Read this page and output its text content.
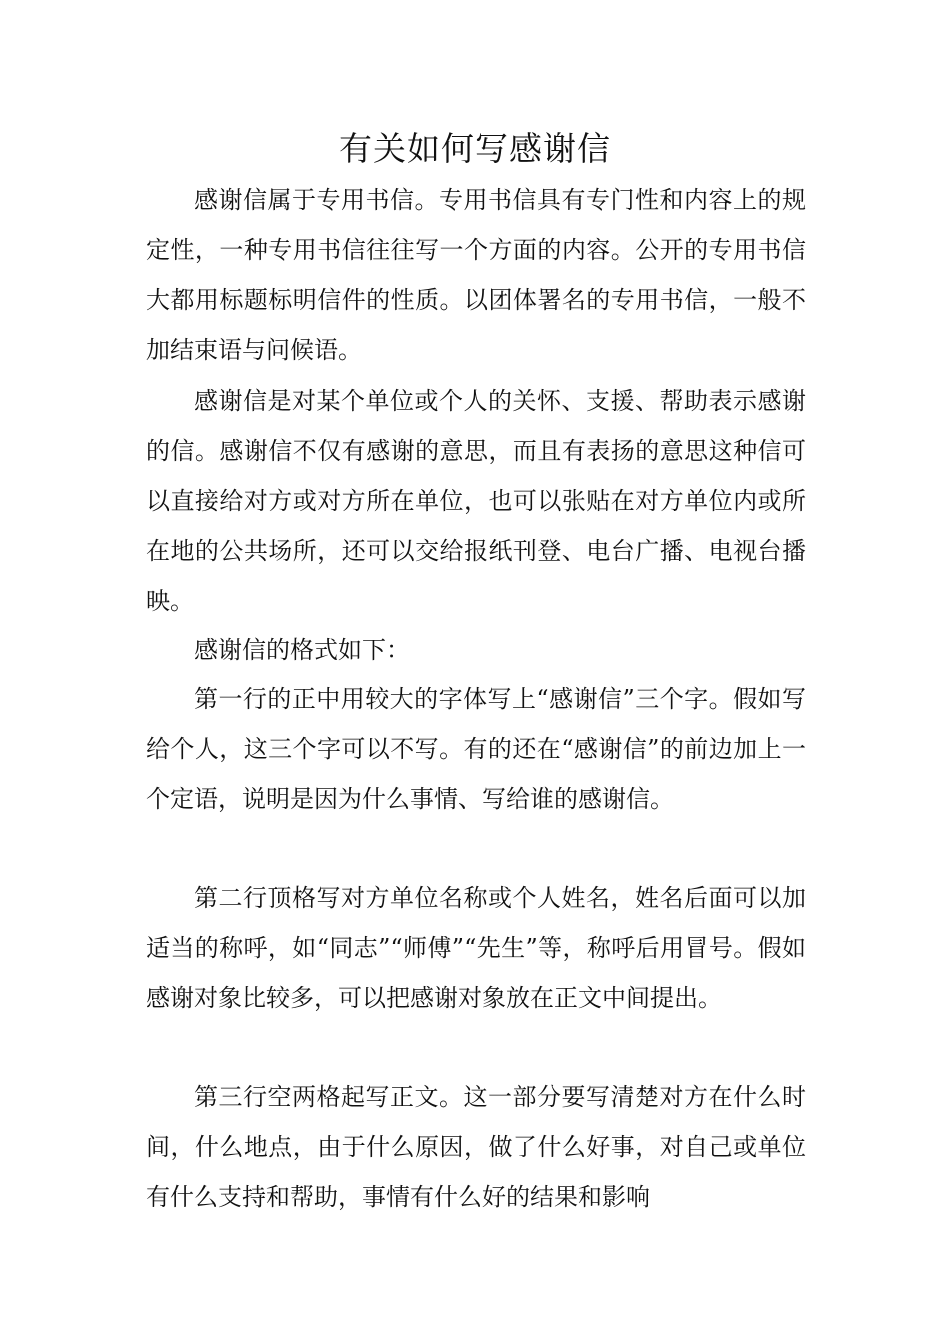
有关如何写感谢信

感谢信属于专用书信。专用书信具有专门性和内容上的规定性，一种专用书信往往写一个方面的内容。公开的专用书信大都用标题标明信件的性质。以团体署名的专用书信，一般不加结束语与问候语。

感谢信是对某个单位或个人的关怀、支援、帮助表示感谢的信。感谢信不仅有感谢的意思，而且有表扬的意思这种信可以直接给对方或对方所在单位，也可以张贴在对方单位内或所在地的公共场所，还可以交给报纸刊登、电台广播、电视台播映。

感谢信的格式如下：

第一行的正中用较大的字体写上“感谢信”三个字。假如写给个人，这三个字可以不写。有的还在“感谢信”的前边加上一个定语，说明是因为什么事情、写给谁的感谢信。

第二行顶格写对方单位名称或个人姓名，姓名后面可以加适当的称呼，如“同志”“师傅”“先生”等，称呼后用冒号。假如感谢对象比较多，可以把感谢对象放在正文中间提出。

第三行空两格起写正文。这一部分要写清楚对方在什么时间，什么地点，由于什么原因，做了什么好事，对自己或单位有什么支持和帮助，事情有什么好的结果和影响
